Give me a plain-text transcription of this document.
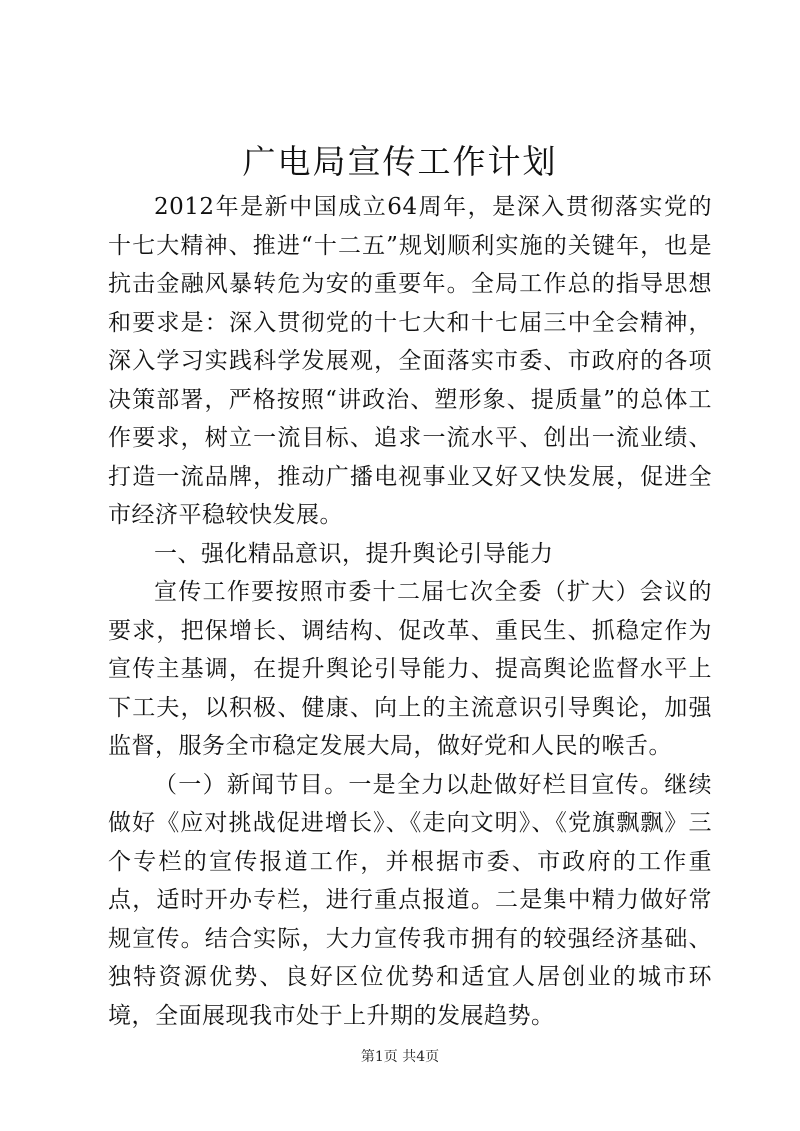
广电局宣传工作计划

2012年是新中国成立64周年，是深入贯彻落实党的十七大精神、推进“十二五”规划顺利实施的关键年，也是抗击金融风暴转危为安的重要年。全局工作总的指导思想和要求是：深入贯彻党的十七大和十七届三中全会精神，深入学习实践科学发展观，全面落实市委、市政府的各项决策部署，严格按照“讲政治、塑形象、提质量”的总体工作要求，树立一流目标、追求一流水平、创出一流业绩、打造一流品牌，推动广播电视事业又好又快发展，促进全市经济平稳较快发展。

一、强化精品意识，提升舆论引导能力

宣传工作要按照市委十二届七次全委（扩大）会议的要求，把保增长、调结构、促改革、重民生、抓稳定作为宣传主基调，在提升舆论引导能力、提高舆论监督水平上下工夫，以积极、健康、向上的主流意识引导舆论，加强监督，服务全市稳定发展大局，做好党和人民的喉舌。

（一）新闻节目。一是全力以赴做好栏目宣传。继续做好《应对挑战促进增长》、《走向文明》、《党旗飘飘》三个专栏的宣传报道工作，并根据市委、市政府的工作重点，适时开办专栏，进行重点报道。二是集中精力做好常规宣传。结合实际，大力宣传我市拥有的较强经济基础、独特资源优势、良好区位优势和适宜人居创业的城市环境，全面展现我市处于上升期的发展趋势。

第1页 共4页
